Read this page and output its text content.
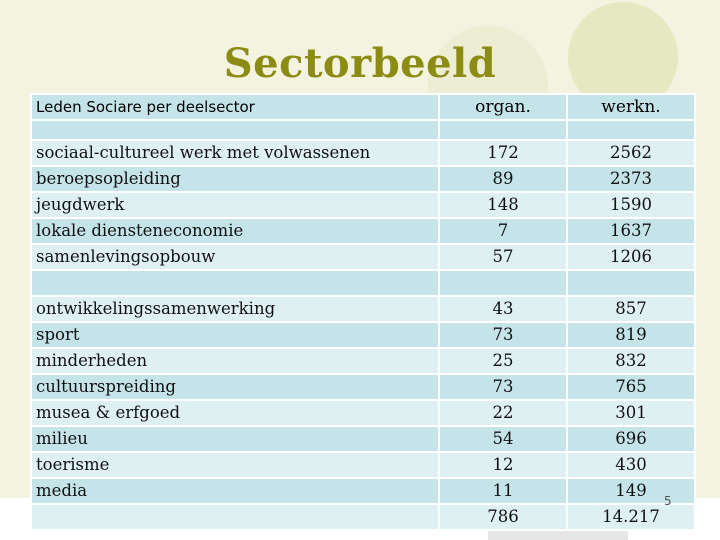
Sectorbeeld
Leden Sociare per deelsector	organ.	werkn.

sociaal-cultureel werk met volwassenen	172	2562
beroepsopleiding	89	2373
jeugdwerk	148	1590
lokale diensteneconomie	7	1637
samenlevingsopbouw	57	1206

ontwikkelingssamenwerking	43	857
sport	73	819
minderheden	25	832
cultuurspreiding	73	765
musea & erfgoed	22	301
milieu	54	696
toerisme	12	430
media	11	149
	786	14.217
5
